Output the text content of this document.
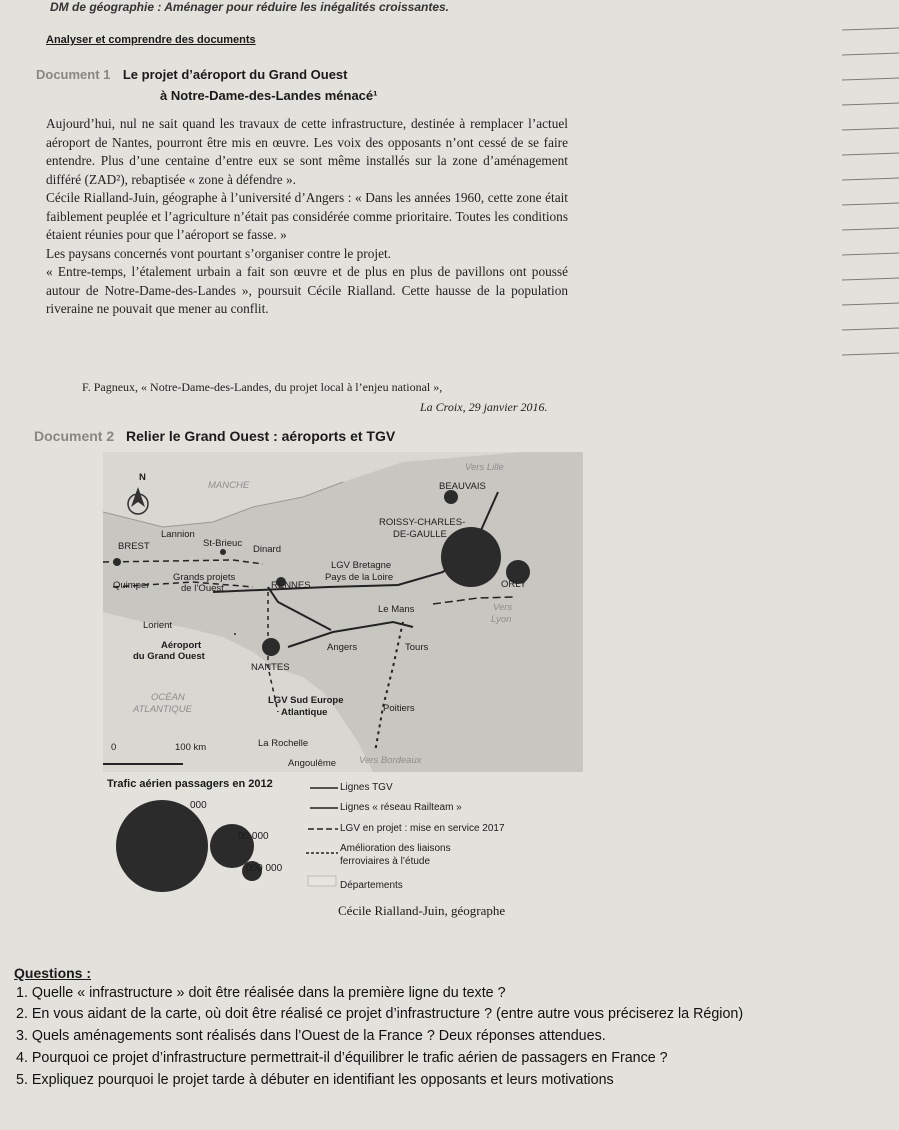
DM de géographie : Aménager pour réduire les inégalités croissantes.
Analyser et comprendre des documents
Document 1 Le projet d’aéroport du Grand Ouest
à Notre-Dame-des-Landes ménacé¹

Aujourd’hui, nul ne sait quand les travaux de cette infrastructure, destinée à remplacer l’actuel aéroport de Nantes, pourront être mis en œuvre. Les voix des opposants n’ont cessé de se faire entendre. Plus d’une centaine d’entre eux se sont même installés sur la zone d’aménagement différé (ZAD²), rebaptisée « zone à défendre ».

Cécile Rialland-Juin, géographe à l’université d’Angers : « Dans les années 1960, cette zone était faiblement peuplée et l’agriculture n’était pas considérée comme prioritaire. Toutes les conditions étaient réunies pour que l’aéroport se fasse. »

Les paysans concernés vont pourtant s’organiser contre le projet.

« Entre-temps, l’étalement urbain a fait son œuvre et de plus en plus de pavillons ont poussé autour de Notre-Dame-des-Landes », poursuit Cécile Rialland. Cette hausse de la population riveraine ne pouvait que mener au conflit.

F. Pagneux, « Notre-Dame-des-Landes, du projet local à l’enjeu national »,
La Croix, 29 janvier 2016.
Document 2 Relier le Grand Ouest : aéroports et TGV
N
MANCHE
Vers Lille
BEAUVAIS
ROISSY-CHARLES-
DE-GAULLE
Lannion
BREST	St-Brieuc
Dinard
LGV Bretagne
Pays de la Loire
ORLY
Quimper
Grands projets
de l’Ouest	RENNES
Le Mans	Vers
Lyon
Lorient
Aéroport
du Grand Ouest
Angers	Tours
NANTES
OCÉAN
ATLANTIQUE
LGV Sud Europe
Atlantique	Poitiers
La Rochelle
0	100 km
Angoulême Vers Bordeaux
Trafic aérien passagers en 2012
000
00 000
000 000
Lignes TGV
Lignes « réseau Railteam »
LGV en projet : mise en service 2017
Amélioration des liaisons
ferroviaires à l’étude
Départements
Cécile Rialland-Juin, géographe
Questions :
1. Quelle « infrastructure » doit être réalisée dans la première ligne du texte ?
2. En vous aidant de la carte, où doit être réalisé ce projet d’infrastructure ? (entre autre vous préciserez la Région)
3. Quels aménagements sont réalisés dans l’Ouest de la France ? Deux réponses attendues.
4. Pourquoi ce projet d’infrastructure permettrait-il d’équilibrer le trafic aérien de passagers en France ?
5. Expliquez pourquoi le projet tarde à débuter en identifiant les opposants et leurs motivations
